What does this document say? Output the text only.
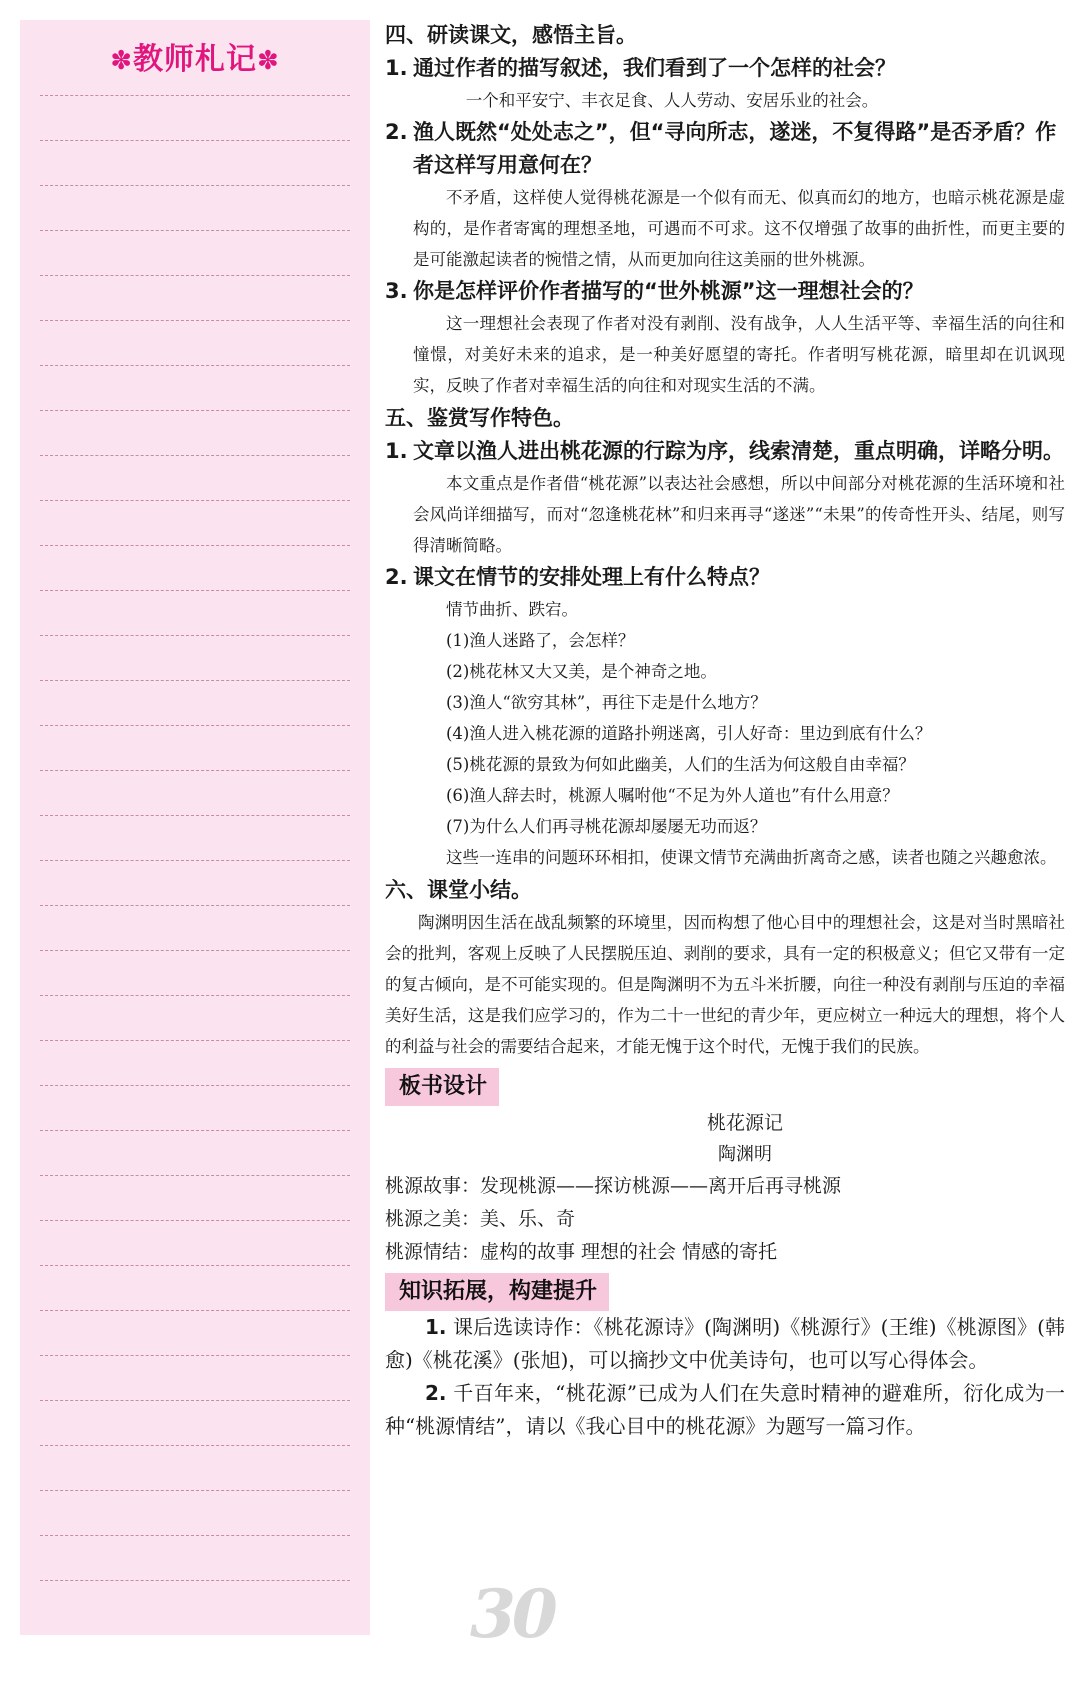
✽教师札记✽
四、研读课文，感悟主旨。
1. 通过作者的描写叙述，我们看到了一个怎样的社会？
一个和平安宁、丰衣足食、人人劳动、安居乐业的社会。
2. 渔人既然“处处志之”，但“寻向所志，遂迷，不复得路”是否矛盾？作者这样写用意何在？
不矛盾，这样使人觉得桃花源是一个似有而无、似真而幻的地方，也暗示桃花源是虚构的，是作者寄寓的理想圣地，可遇而不可求。这不仅增强了故事的曲折性，而更主要的是可能激起读者的惋惜之情，从而更加向往这美丽的世外桃源。
3. 你是怎样评价作者描写的“世外桃源”这一理想社会的？
这一理想社会表现了作者对没有剥削、没有战争，人人生活平等、幸福生活的向往和憧憬，对美好未来的追求，是一种美好愿望的寄托。作者明写桃花源，暗里却在讥讽现实，反映了作者对幸福生活的向往和对现实生活的不满。
五、鉴赏写作特色。
1. 文章以渔人进出桃花源的行踪为序，线索清楚，重点明确，详略分明。
本文重点是作者借“桃花源”以表达社会感想，所以中间部分对桃花源的生活环境和社会风尚详细描写，而对“忽逢桃花林”和归来再寻“遂迷”“未果”的传奇性开头、结尾，则写得清晰简略。
2. 课文在情节的安排处理上有什么特点？
情节曲折、跌宕。
(1)渔人迷路了，会怎样？
(2)桃花林又大又美，是个神奇之地。
(3)渔人“欲穷其林”，再往下走是什么地方？
(4)渔人进入桃花源的道路扑朔迷离，引人好奇：里边到底有什么？
(5)桃花源的景致为何如此幽美，人们的生活为何这般自由幸福？
(6)渔人辞去时，桃源人嘱咐他“不足为外人道也”有什么用意？
(7)为什么人们再寻桃花源却屡屡无功而返？
这些一连串的问题环环相扣，使课文情节充满曲折离奇之感，读者也随之兴趣愈浓。
六、课堂小结。
陶渊明因生活在战乱频繁的环境里，因而构想了他心目中的理想社会，这是对当时黑暗社会的批判，客观上反映了人民摆脱压迫、剥削的要求，具有一定的积极意义；但它又带有一定的复古倾向，是不可能实现的。但是陶渊明不为五斗米折腰，向往一种没有剥削与压迫的幸福美好生活，这是我们应学习的，作为二十一世纪的青少年，更应树立一种远大的理想，将个人的利益与社会的需要结合起来，才能无愧于这个时代，无愧于我们的民族。
板书设计
桃花源记
陶渊明
桃源故事：发现桃源——探访桃源——离开后再寻桃源
桃源之美：美、乐、奇
桃源情结：虚构的故事 理想的社会 情感的寄托
知识拓展，构建提升
1. 课后选读诗作：《桃花源诗》(陶渊明)《桃源行》(王维)《桃源图》(韩愈)《桃花溪》(张旭)，可以摘抄文中优美诗句，也可以写心得体会。
2. 千百年来，“桃花源”已成为人们在失意时精神的避难所，衍化成为一种“桃源情结”，请以《我心目中的桃花源》为题写一篇习作。
30
